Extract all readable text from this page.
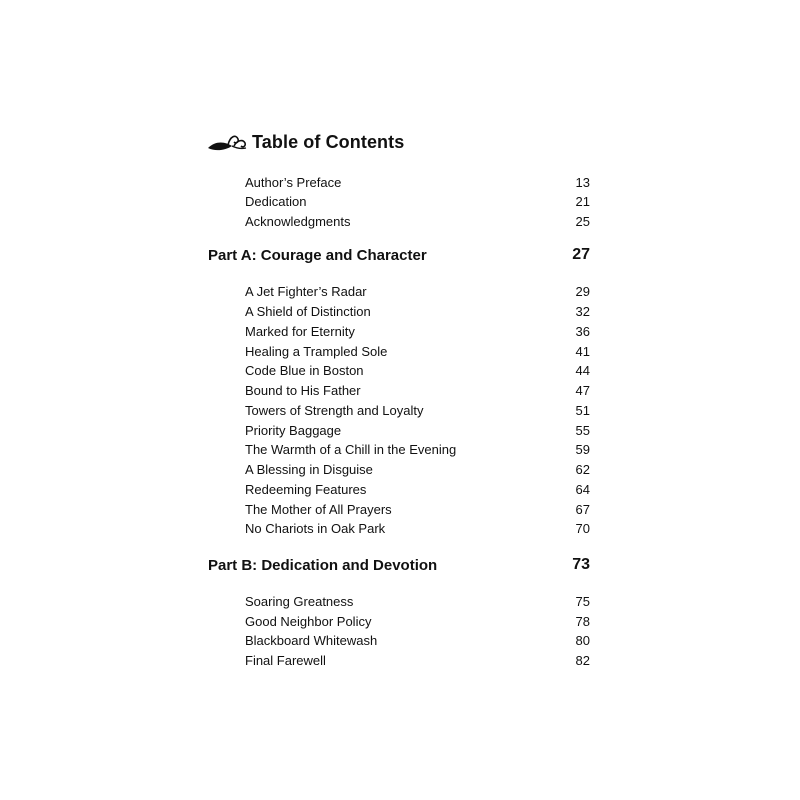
Table of Contents
Author’s Preface	13
Dedication	21
Acknowledgments	25
Part A: Courage and Character	27
A Jet Fighter’s Radar	29
A Shield of Distinction	32
Marked for Eternity	36
Healing a Trampled Sole	41
Code Blue in Boston	44
Bound to His Father	47
Towers of Strength and Loyalty	51
Priority Baggage	55
The Warmth of a Chill in the Evening	59
A Blessing in Disguise	62
Redeeming Features	64
The Mother of All Prayers	67
No Chariots in Oak Park	70
Part B: Dedication and Devotion	73
Soaring Greatness	75
Good Neighbor Policy	78
Blackboard Whitewash	80
Final Farewell	82
